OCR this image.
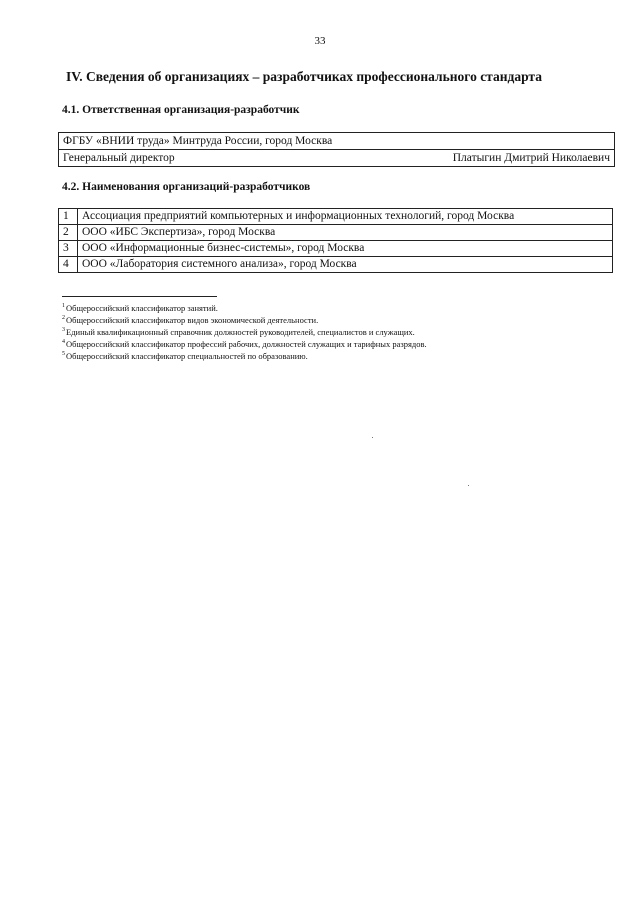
33
IV. Сведения об организациях – разработчиках профессионального стандарта
4.1. Ответственная организация-разработчик
ФГБУ «ВНИИ труда» Минтруда России, город Москва
Генеральный директор	Платыгин Дмитрий Николаевич
4.2. Наименования организаций-разработчиков
1	Ассоциация предприятий компьютерных и информационных технологий, город Москва
2	ООО «ИБС Экспертиза», город Москва
3	ООО «Информационные бизнес-системы», город Москва
4	ООО «Лаборатория системного анализа», город Москва
$^1$Общероссийский классификатор занятий.
$^2$Общероссийский классификатор видов экономической деятельности.
$^3$Единый квалификационный справочник должностей руководителей, специалистов и служащих.
$^4$Общероссийский классификатор профессий рабочих, должностей служащих и тарифных разрядов.
$^5$Общероссийский классификатор специальностей по образованию.
